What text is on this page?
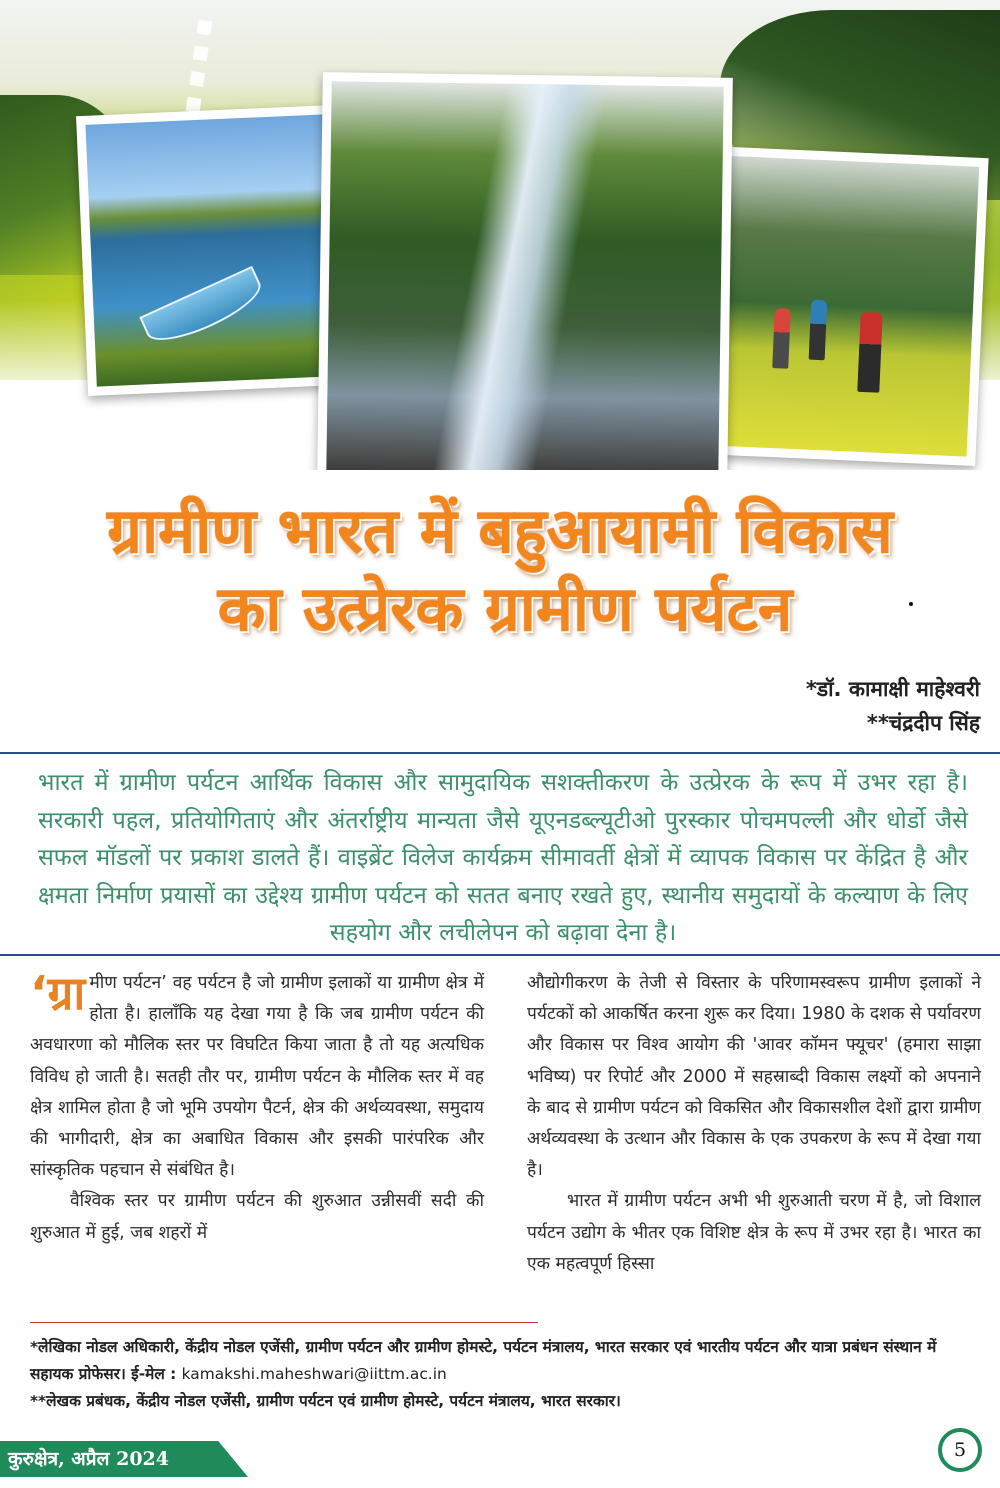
ग्रामीण भारत में बहुआयामी विकास
का उत्प्रेरक ग्रामीण पर्यटन
*डॉ. कामाक्षी माहेश्वरी
**चंद्रदीप सिंह

भारत में ग्रामीण पर्यटन आर्थिक विकास और सामुदायिक सशक्तीकरण के उत्प्रेरक के रूप में उभर रहा है। सरकारी पहल, प्रतियोगिताएं और अंतर्राष्ट्रीय मान्यता जैसे यूएनडब्ल्यूटीओ पुरस्कार पोचमपल्ली और धोर्डो जैसे सफल मॉडलों पर प्रकाश डालते हैं। वाइब्रेंट विलेज कार्यक्रम सीमावर्ती क्षेत्रों में व्यापक विकास पर केंद्रित है और क्षमता निर्माण प्रयासों का उद्देश्य ग्रामीण पर्यटन को सतत बनाए रखते हुए, स्थानीय समुदायों के कल्याण के लिए सहयोग और लचीलेपन को बढ़ावा देना है।

‘ग्रा मीण पर्यटन’ वह पर्यटन है जो ग्रामीण इलाकों या ग्रामीण क्षेत्र में होता है। हालाँकि यह देखा गया है कि जब ग्रामीण पर्यटन की अवधारणा को मौलिक स्तर पर विघटित किया जाता है तो यह अत्यधिक विविध हो जाती है। सतही तौर पर, ग्रामीण पर्यटन के मौलिक स्तर में वह क्षेत्र शामिल होता है जो भूमि उपयोग पैटर्न, क्षेत्र की अर्थव्यवस्था, समुदाय की भागीदारी, क्षेत्र का अबाधित विकास और इसकी पारंपरिक और सांस्कृतिक पहचान से संबंधित है।

वैश्विक स्तर पर ग्रामीण पर्यटन की शुरुआत उन्नीसवीं सदी की शुरुआत में हुई, जब शहरों में

औद्योगीकरण के तेजी से विस्तार के परिणामस्वरूप ग्रामीण इलाकों ने पर्यटकों को आकर्षित करना शुरू कर दिया। 1980 के दशक से पर्यावरण और विकास पर विश्व आयोग की 'आवर कॉमन फ्यूचर' (हमारा साझा भविष्य) पर रिपोर्ट और 2000 में सहस्राब्दी विकास लक्ष्यों को अपनाने के बाद से ग्रामीण पर्यटन को विकसित और विकासशील देशों द्वारा ग्रामीण अर्थव्यवस्था के उत्थान और विकास के एक उपकरण के रूप में देखा गया है।

भारत में ग्रामीण पर्यटन अभी भी शुरुआती चरण में है, जो विशाल पर्यटन उद्योग के भीतर एक विशिष्ट क्षेत्र के रूप में उभर रहा है। भारत का एक महत्वपूर्ण हिस्सा

*लेखिका नोडल अधिकारी, केंद्रीय नोडल एजेंसी, ग्रामीण पर्यटन और ग्रामीण होमस्टे, पर्यटन मंत्रालय, भारत सरकार एवं भारतीय पर्यटन और यात्रा प्रबंधन संस्थान में सहायक प्रोफेसर। ई-मेल : kamakshi.maheshwari@iittm.ac.in

**लेखक प्रबंधक, केंद्रीय नोडल एजेंसी, ग्रामीण पर्यटन एवं ग्रामीण होमस्टे, पर्यटन मंत्रालय, भारत सरकार।

कुरुक्षेत्र, अप्रैल 2024	5
